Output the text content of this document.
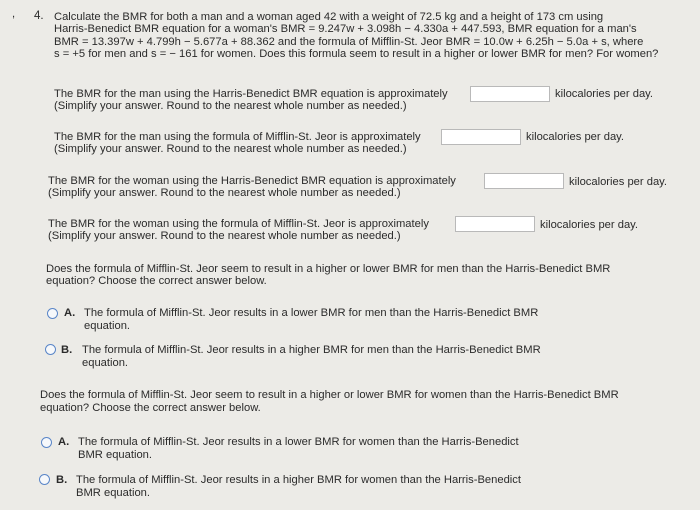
, 4. Calculate the BMR for both a man and a woman aged 42 with a weight of 72.5 kg and a height of 173 cm using
Harris-Benedict BMR equation for a woman's BMR = 9.247w + 3.098h − 4.330a + 447.593, BMR equation for a man's
BMR = 13.397w + 4.799h − 5.677a + 88.362 and the formula of Mifflin-St. Jeor BMR = 10.0w + 6.25h − 5.0a + s, where
s = +5 for men and s = − 161 for women. Does this formula seem to result in a higher or lower BMR for men? For women?
The BMR for the man using the Harris-Benedict BMR equation is approximately	kilocalories per day.
(Simplify your answer. Round to the nearest whole number as needed.)
The BMR for the man using the formula of Mifflin-St. Jeor is approximately	kilocalories per day.
(Simplify your answer. Round to the nearest whole number as needed.)
The BMR for the woman using the Harris-Benedict BMR equation is approximately	kilocalories per day.
(Simplify your answer. Round to the nearest whole number as needed.)
The BMR for the woman using the formula of Mifflin-St. Jeor is approximately	kilocalories per day.
(Simplify your answer. Round to the nearest whole number as needed.)
Does the formula of Mifflin-St. Jeor seem to result in a higher or lower BMR for men than the Harris-Benedict BMR
equation? Choose the correct answer below.
A. The formula of Mifflin-St. Jeor results in a lower BMR for men than the Harris-Benedict BMR
equation.
B. The formula of Mifflin-St. Jeor results in a higher BMR for men than the Harris-Benedict BMR
equation.
Does the formula of Mifflin-St. Jeor seem to result in a higher or lower BMR for women than the Harris-Benedict BMR
equation? Choose the correct answer below.
A. The formula of Mifflin-St. Jeor results in a lower BMR for women than the Harris-Benedict
BMR equation.
B. The formula of Mifflin-St. Jeor results in a higher BMR for women than the Harris-Benedict
BMR equation.
